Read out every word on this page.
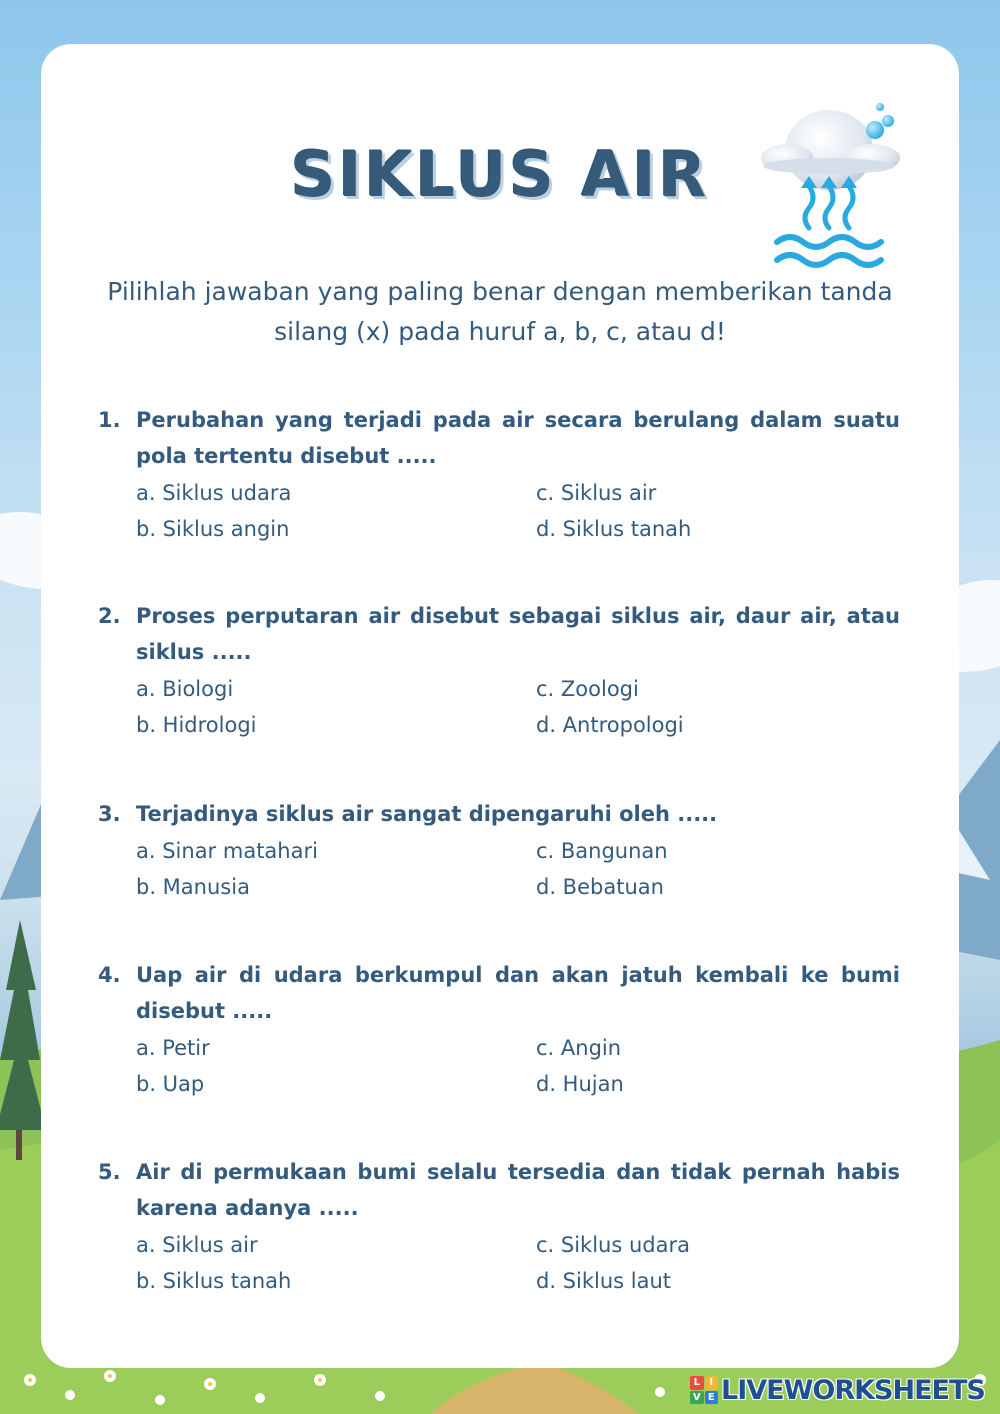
SIKLUS AIR

Pilihlah jawaban yang paling benar dengan memberikan tanda silang (x) pada huruf a, b, c, atau d!

1. Perubahan yang terjadi pada air secara berulang dalam suatu pola tertentu disebut .....
a. Siklus udara	c. Siklus air
b. Siklus angin	d. Siklus tanah
2. Proses perputaran air disebut sebagai siklus air, daur air, atau siklus .....
a. Biologi	c. Zoologi
b. Hidrologi	d. Antropologi
3. Terjadinya siklus air sangat dipengaruhi oleh .....
a. Sinar matahari	c. Bangunan
b. Manusia	d. Bebatuan
4. Uap air di udara berkumpul dan akan jatuh kembali ke bumi disebut .....
a. Petir	c. Angin
b. Uap	d. Hujan
5. Air di permukaan bumi selalu tersedia dan tidak pernah habis karena adanya .....
a. Siklus air	c. Siklus udara
b. Siklus tanah	d. Siklus laut
L I
V E LIVEWORKSHEETS
